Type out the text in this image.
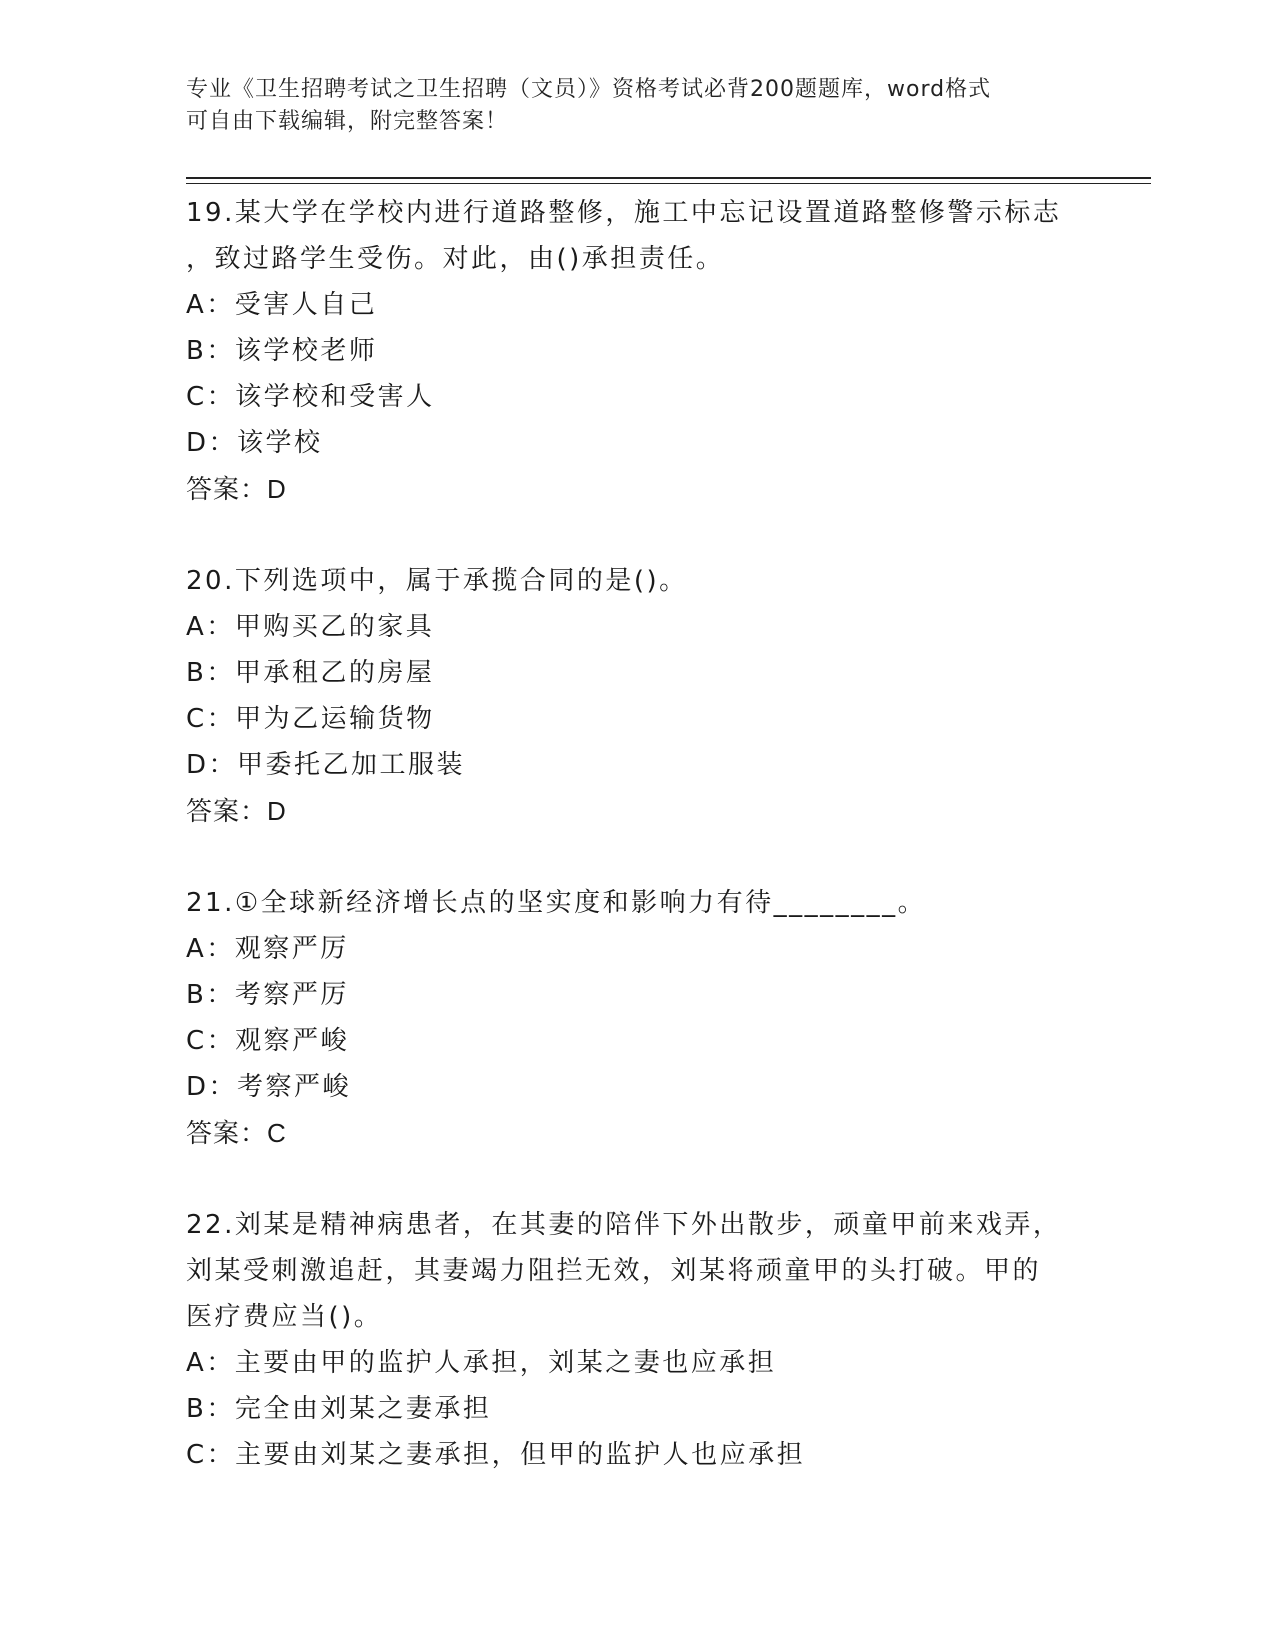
专业《卫生招聘考试之卫生招聘（文员）》资格考试必背200题题库，word格式
可自由下载编辑，附完整答案！

19.某大学在学校内进行道路整修，施工中忘记设置道路整修警示标志

，致过路学生受伤。对此，由()承担责任。

A：受害人自己

B：该学校老师

C：该学校和受害人

D：该学校

答案：D

20.下列选项中，属于承揽合同的是()。

A：甲购买乙的家具

B：甲承租乙的房屋

C：甲为乙运输货物

D：甲委托乙加工服装

答案：D

21.①全球新经济增长点的坚实度和影响力有待________。

A：观察严厉

B：考察严厉

C：观察严峻

D：考察严峻

答案：C

22.刘某是精神病患者，在其妻的陪伴下外出散步，顽童甲前来戏弄，

刘某受刺激追赶，其妻竭力阻拦无效，刘某将顽童甲的头打破。甲的

医疗费应当()。

A：主要由甲的监护人承担，刘某之妻也应承担

B：完全由刘某之妻承担

C：主要由刘某之妻承担，但甲的监护人也应承担
